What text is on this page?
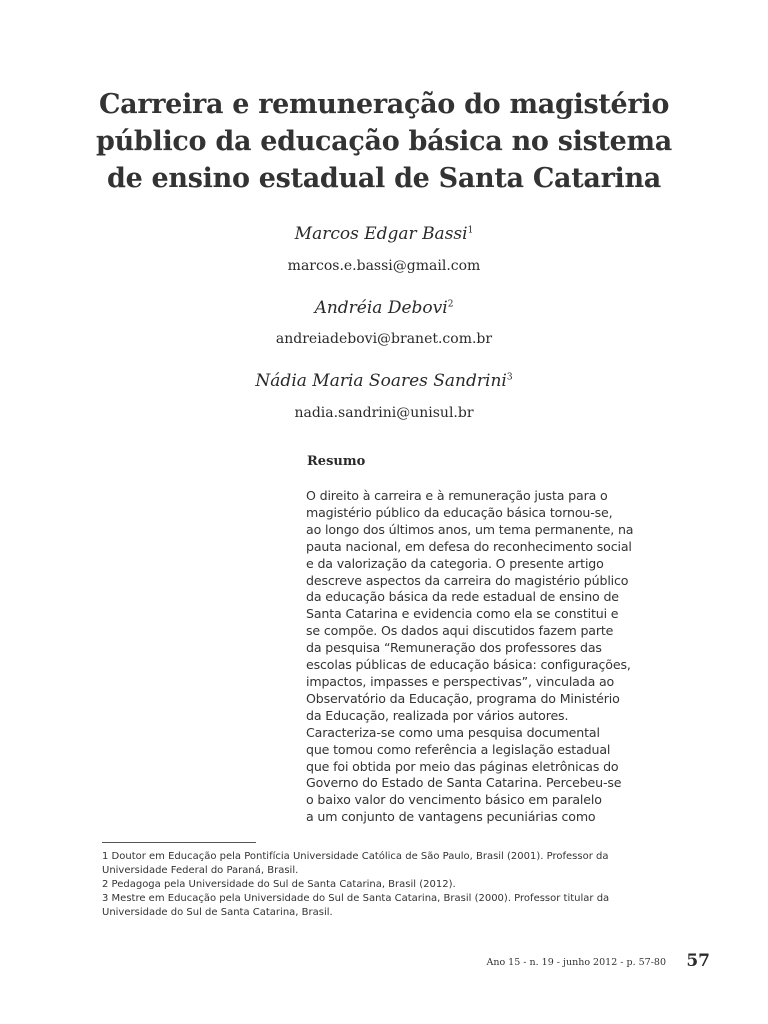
Carreira e remuneração do magistério
público da educação básica no sistema
de ensino estadual de Santa Catarina
Marcos Edgar Bassi$^1$
marcos.e.bassi@gmail.com
Andréia Debovi$^2$
andreiadebovi@branet.com.br
Nádia Maria Soares Sandrini$^3$
nadia.sandrini@unisul.br
Resumo
O direito à carreira e à remuneração justa para o
magistério público da educação básica tornou-se,
ao longo dos últimos anos, um tema permanente, na
pauta nacional, em defesa do reconhecimento social
e da valorização da categoria. O presente artigo
descreve aspectos da carreira do magistério público
da educação básica da rede estadual de ensino de
Santa Catarina e evidencia como ela se constitui e
se compõe. Os dados aqui discutidos fazem parte
da pesquisa “Remuneração dos professores das
escolas públicas de educação básica: configurações,
impactos, impasses e perspectivas”, vinculada ao
Observatório da Educação, programa do Ministério
da Educação, realizada por vários autores.
Caracteriza-se como uma pesquisa documental
que tomou como referência a legislação estadual
que foi obtida por meio das páginas eletrônicas do
Governo do Estado de Santa Catarina. Percebeu-se
o baixo valor do vencimento básico em paralelo
a um conjunto de vantagens pecuniárias como
1 Doutor em Educação pela Pontifícia Universidade Católica de São Paulo, Brasil (2001). Professor da
Universidade Federal do Paraná, Brasil.
2 Pedagoga pela Universidade do Sul de Santa Catarina, Brasil (2012).
3 Mestre em Educação pela Universidade do Sul de Santa Catarina, Brasil (2000). Professor titular da
Universidade do Sul de Santa Catarina, Brasil.
Ano 15 - n. 19 - junho 2012 - p. 57-80	57
